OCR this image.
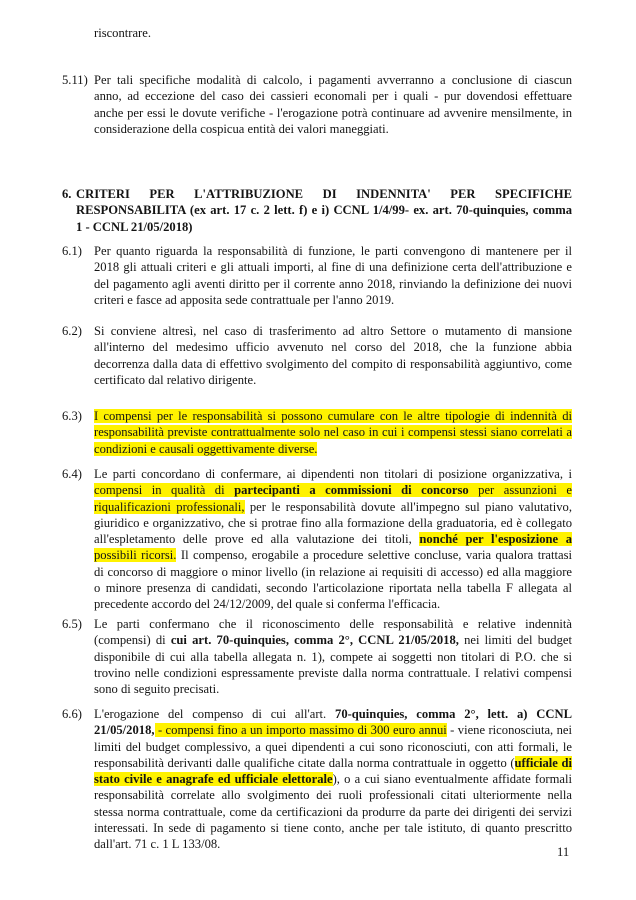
riscontrare.
5.11) Per tali specifiche modalità di calcolo, i pagamenti avverranno a conclusione di ciascun
anno, ad eccezione del caso dei cassieri economali per i quali - pur dovendosi effettuare
anche per essi le dovute verifiche - l'erogazione potrà continuare ad avvenire mensilmente, in
considerazione della cospicua entità dei valori maneggiati.
6. CRITERI PER L'ATTRIBUZIONE DI INDENNITA' PER SPECIFICHE
RESPONSABILITA (ex art. 17 c. 2 lett. f) e i) CCNL 1/4/99- ex. art. 70-quinquies, comma
1 - CCNL 21/05/2018)
6.1) Per quanto riguarda la responsabilità di funzione, le parti convengono di mantenere per il
2018 gli attuali criteri e gli attuali importi, al fine di una definizione certa dell'attribuzione e
del pagamento agli aventi diritto per il corrente anno 2018, rinviando la definizione dei nuovi
criteri e fasce ad apposita sede contrattuale per l'anno 2019.
6.2) Si conviene altresì, nel caso di trasferimento ad altro Settore o mutamento di mansione
all'interno del medesimo ufficio avvenuto nel corso del 2018, che la funzione abbia
decorrenza dalla data di effettivo svolgimento del compito di responsabilità aggiuntivo, come
certificato dal relativo dirigente.
6.3) I compensi per le responsabilità si possono cumulare con le altre tipologie di indennità di
responsabilità previste contrattualmente solo nel caso in cui i compensi stessi siano correlati a
condizioni e causali oggettivamente diverse.
6.4) Le parti concordano di confermare, ai dipendenti non titolari di posizione organizzativa, i
compensi in qualità di partecipanti a commissioni di concorso per assunzioni e
riqualificazioni professionali, per le responsabilità dovute all'impegno sul piano valutativo,
giuridico e organizzativo, che si protrae fino alla formazione della graduatoria, ed è collegato
all'espletamento delle prove ed alla valutazione dei titoli, nonché per l'esposizione a
possibili ricorsi. Il compenso, erogabile a procedure selettive concluse, varia qualora trattasi
di concorso di maggiore o minor livello (in relazione ai requisiti di accesso) ed alla maggiore
o minore presenza di candidati, secondo l'articolazione riportata nella tabella F allegata al
precedente accordo del 24/12/2009, del quale si conferma l'efficacia.
6.5) Le parti confermano che il riconoscimento delle responsabilità e relative indennità
(compensi) di cui art. 70-quinquies, comma 2°, CCNL 21/05/2018, nei limiti del budget
disponibile di cui alla tabella allegata n. 1), compete ai soggetti non titolari di P.O. che si
trovino nelle condizioni espressamente previste dalla norma contrattuale. I relativi compensi
sono di seguito precisati.
6.6) L'erogazione del compenso di cui all'art. 70-quinquies, comma 2°, lett. a) CCNL
21/05/2018, - compensi fino a un importo massimo di 300 euro annui - viene riconosciuta, nei
limiti del budget complessivo, a quei dipendenti a cui sono riconosciuti, con atti formali, le
responsabilità derivanti dalle qualifiche citate dalla norma contrattuale in oggetto (ufficiale di
stato civile e anagrafe ed ufficiale elettorale), o a cui siano eventualmente affidate formali
responsabilità correlate allo svolgimento dei ruoli professionali citati ulteriormente nella
stessa norma contrattuale, come da certificazioni da produrre da parte dei dirigenti dei servizi
interessati. In sede di pagamento si tiene conto, anche per tale istituto, di quanto prescritto
dall'art. 71 c. 1 L 133/08.
11
